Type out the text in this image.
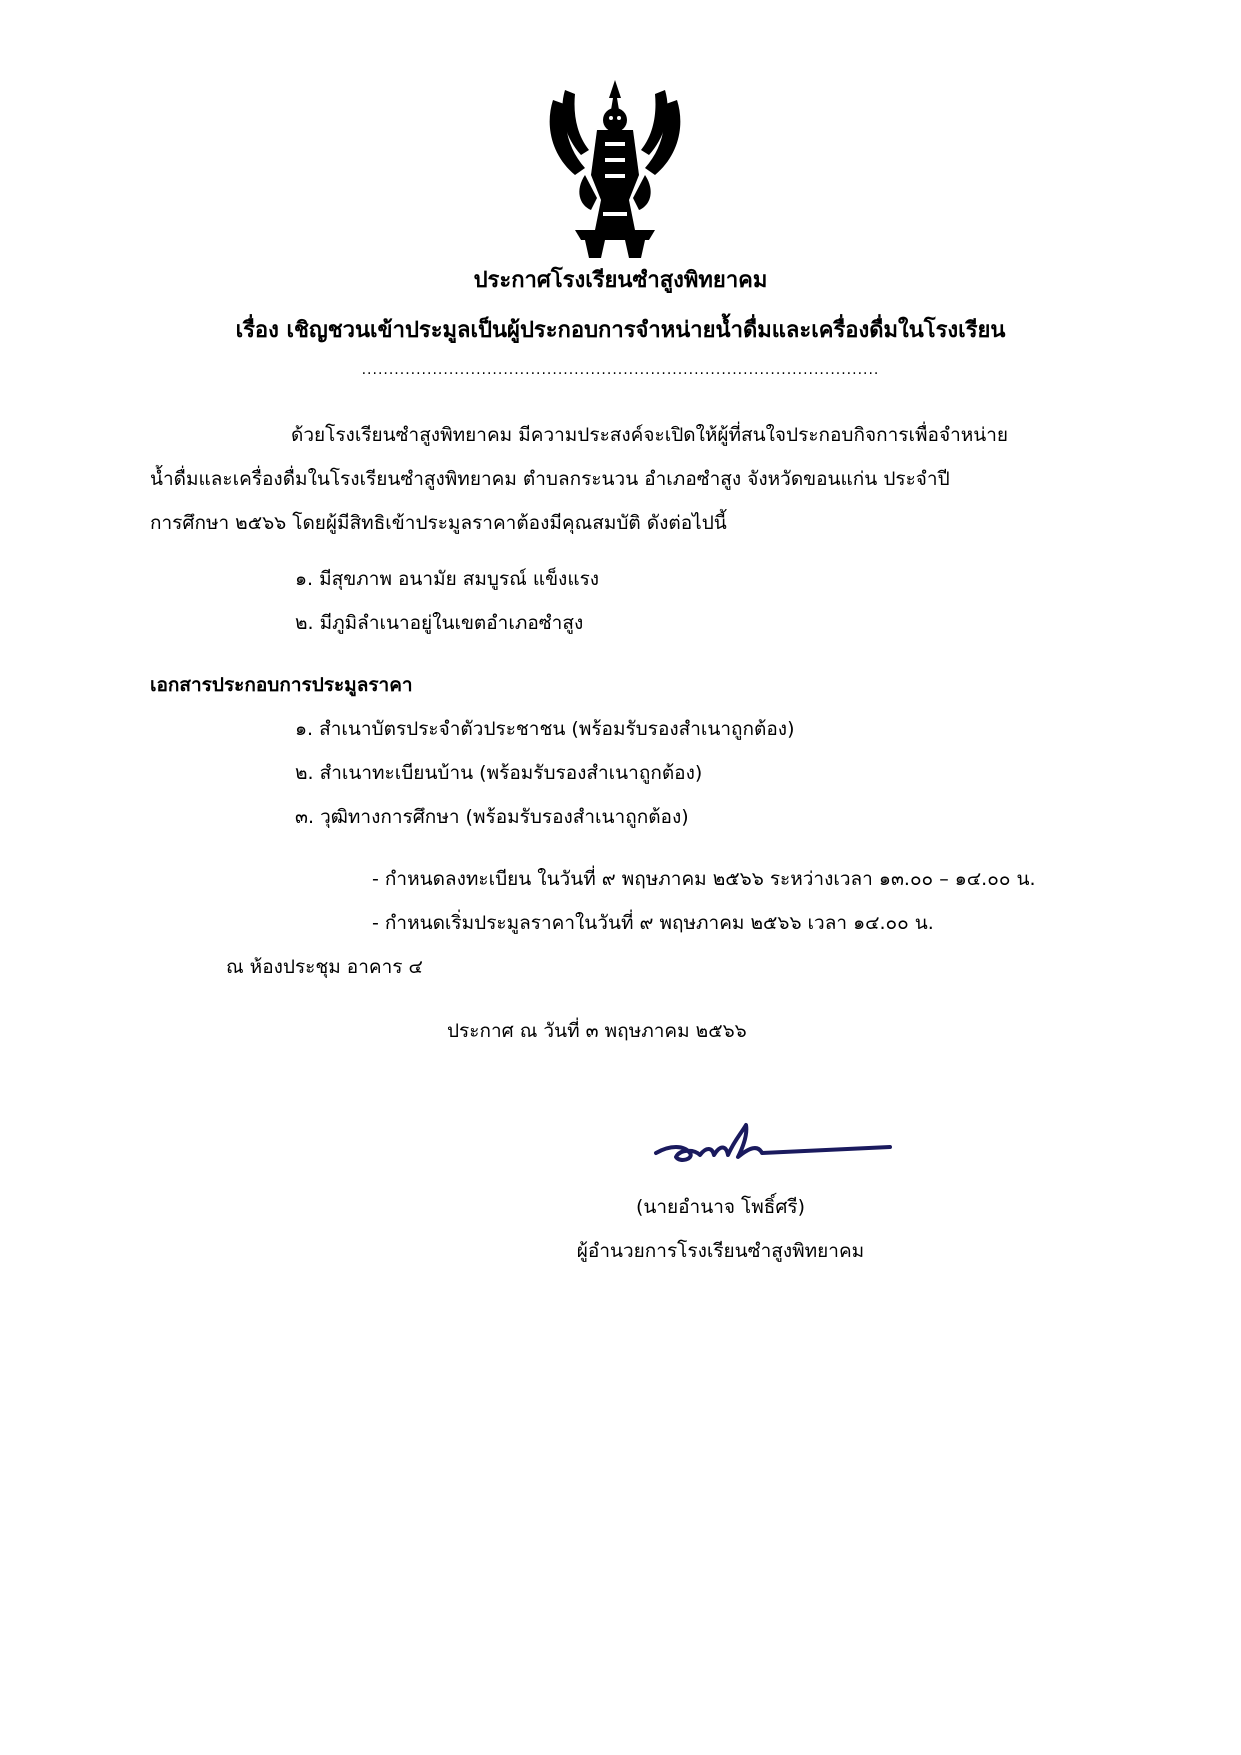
ประกาศโรงเรียนซำสูงพิทยาคม
เรื่อง เชิญชวนเข้าประมูลเป็นผู้ประกอบการจำหน่ายน้ำดื่มและเครื่องดื่มในโรงเรียน
...............................................................................................
ด้วยโรงเรียนซำสูงพิทยาคม มีความประสงค์จะเปิดให้ผู้ที่สนใจประกอบกิจการเพื่อจำหน่าย
น้ำดื่มและเครื่องดื่มในโรงเรียนซำสูงพิทยาคม ตำบลกระนวน อำเภอซำสูง จังหวัดขอนแก่น ประจำปี
การศึกษา ๒๕๖๖ โดยผู้มีสิทธิเข้าประมูลราคาต้องมีคุณสมบัติ ดังต่อไปนี้
๑. มีสุขภาพ อนามัย สมบูรณ์ แข็งแรง
๒. มีภูมิลำเนาอยู่ในเขตอำเภอซำสูง
เอกสารประกอบการประมูลราคา
๑. สำเนาบัตรประจำตัวประชาชน (พร้อมรับรองสำเนาถูกต้อง)
๒. สำเนาทะเบียนบ้าน (พร้อมรับรองสำเนาถูกต้อง)
๓. วุฒิทางการศึกษา (พร้อมรับรองสำเนาถูกต้อง)
- กำหนดลงทะเบียน ในวันที่ ๙ พฤษภาคม ๒๕๖๖ ระหว่างเวลา ๑๓.๐๐ – ๑๔.๐๐ น.
- กำหนดเริ่มประมูลราคาในวันที่ ๙ พฤษภาคม ๒๕๖๖ เวลา ๑๔.๐๐ น.
ณ ห้องประชุม อาคาร ๔
ประกาศ ณ วันที่ ๓ พฤษภาคม ๒๕๖๖
(นายอำนาจ โพธิ์ศรี)
ผู้อำนวยการโรงเรียนซำสูงพิทยาคม
